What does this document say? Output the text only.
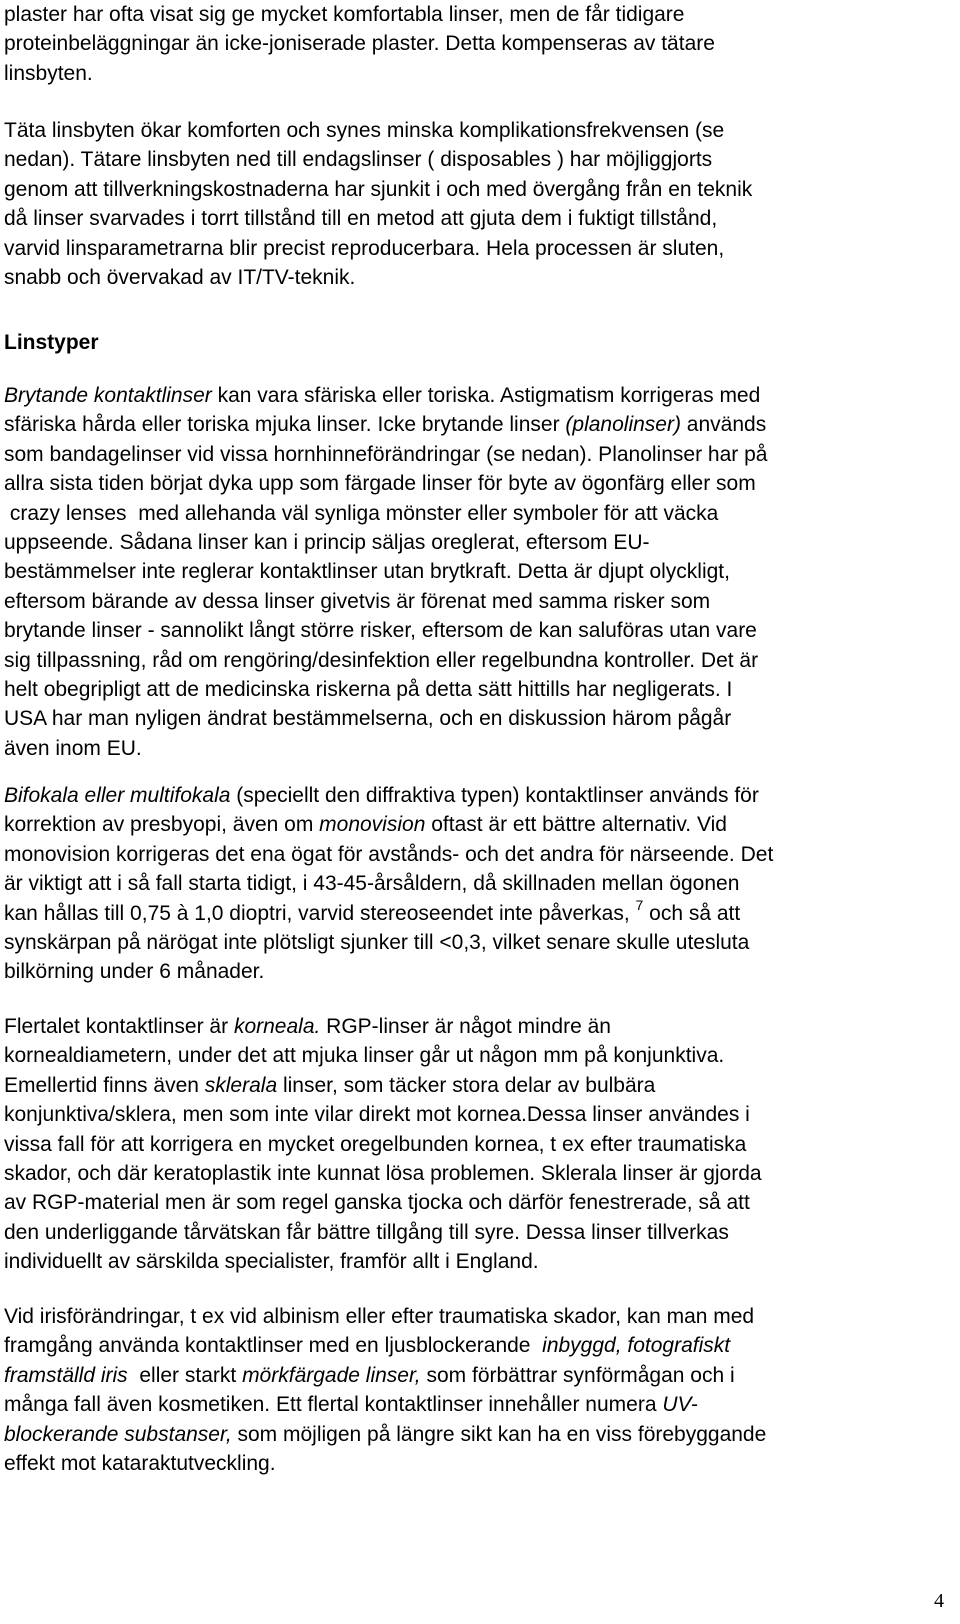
plaster har ofta visat sig ge mycket komfortabla linser, men de får tidigare
proteinbeläggningar än icke-joniserade plaster. Detta kompenseras av tätare
linsbyten.

Täta linsbyten ökar komforten och synes minska komplikationsfrekvensen (se
nedan). Tätare linsbyten ned till endagslinser ( disposables ) har möjliggjorts
genom att tillverkningskostnaderna har sjunkit i och med övergång från en teknik
då linser svarvades i torrt tillstånd till en metod att gjuta dem i fuktigt tillstånd,
varvid linsparametrarna blir precist reproducerbara. Hela processen är sluten,
snabb och övervakad av IT/TV-teknik.

Linstyper

Brytande kontaktlinser kan vara sfäriska eller toriska. Astigmatism korrigeras med
sfäriska hårda eller toriska mjuka linser. Icke brytande linser (planolinser) används
som bandagelinser vid vissa hornhinneförändringar (se nedan). Planolinser har på
allra sista tiden börjat dyka upp som färgade linser för byte av ögonfärg eller som
crazy lenses  med allehanda väl synliga mönster eller symboler för att väcka
uppseende. Sådana linser kan i princip säljas oreglerat, eftersom EU-
bestämmelser inte reglerar kontaktlinser utan brytkraft. Detta är djupt olyckligt,
eftersom bärande av dessa linser givetvis är förenat med samma risker som
brytande linser - sannolikt långt större risker, eftersom de kan saluföras utan vare
sig tillpassning, råd om rengöring/desinfektion eller regelbundna kontroller. Det är
helt obegripligt att de medicinska riskerna på detta sätt hittills har negligerats. I
USA har man nyligen ändrat bestämmelserna, och en diskussion härom pågår
även inom EU.

Bifokala eller multifokala (speciellt den diffraktiva typen) kontaktlinser används för
korrektion av presbyopi, även om monovision oftast är ett bättre alternativ. Vid
monovision korrigeras det ena ögat för avstånds- och det andra för närseende. Det
är viktigt att i så fall starta tidigt, i 43-45-årsåldern, då skillnaden mellan ögonen
kan hållas till 0,75 à 1,0 dioptri, varvid stereoseendet inte påverkas, $^7$ och så att
synskärpan på närögat inte plötsligt sjunker till <0,3, vilket senare skulle utesluta
bilkörning under 6 månader.

Flertalet kontaktlinser är korneala. RGP-linser är något mindre än
kornealdiametern, under det att mjuka linser går ut någon mm på konjunktiva.
Emellertid finns även sklerala linser, som täcker stora delar av bulbära
konjunktiva/sklera, men som inte vilar direkt mot kornea.Dessa linser användes i
vissa fall för att korrigera en mycket oregelbunden kornea, t ex efter traumatiska
skador, och där keratoplastik inte kunnat lösa problemen. Sklerala linser är gjorda
av RGP-material men är som regel ganska tjocka och därför fenestrerade, så att
den underliggande tårvätskan får bättre tillgång till syre. Dessa linser tillverkas
individuellt av särskilda specialister, framför allt i England.

Vid irisförändringar, t ex vid albinism eller efter traumatiska skador, kan man med
framgång använda kontaktlinser med en ljusblockerande  inbyggd, fotografiskt
framställd iris  eller starkt mörkfärgade linser, som förbättrar synförmågan och i
många fall även kosmetiken. Ett flertal kontaktlinser innehåller numera UV-
blockerande substanser, som möjligen på längre sikt kan ha en viss förebyggande
effekt mot kataraktutveckling.

4
